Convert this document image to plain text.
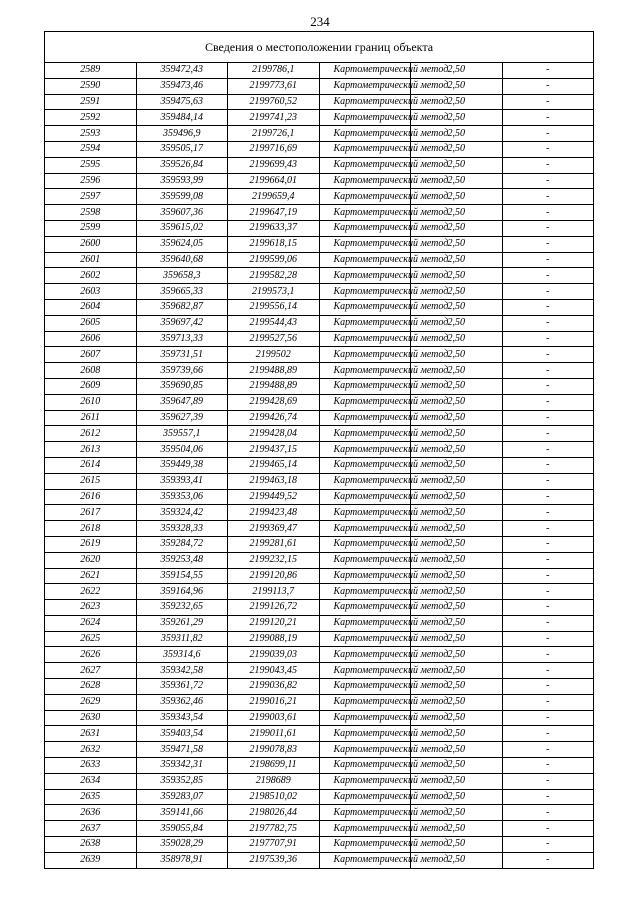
234
Сведения о местоположении границ объекта					
2589	359472,43	2199786,1	Картометрический метод	2,50	-
2590	359473,46	2199773,61	Картометрический метод	2,50	-
2591	359475,63	2199760,52	Картометрический метод	2,50	-
2592	359484,14	2199741,23	Картометрический метод	2,50	-
2593	359496,9	2199726,1	Картометрический метод	2,50	-
2594	359505,17	2199716,69	Картометрический метод	2,50	-
2595	359526,84	2199699,43	Картометрический метод	2,50	-
2596	359593,99	2199664,01	Картометрический метод	2,50	-
2597	359599,08	2199659,4	Картометрический метод	2,50	-
2598	359607,36	2199647,19	Картометрический метод	2,50	-
2599	359615,02	2199633,37	Картометрический метод	2,50	-
2600	359624,05	2199618,15	Картометрический метод	2,50	-
2601	359640,68	2199599,06	Картометрический метод	2,50	-
2602	359658,3	2199582,28	Картометрический метод	2,50	-
2603	359665,33	2199573,1	Картометрический метод	2,50	-
2604	359682,87	2199556,14	Картометрический метод	2,50	-
2605	359697,42	2199544,43	Картометрический метод	2,50	-
2606	359713,33	2199527,56	Картометрический метод	2,50	-
2607	359731,51	2199502	Картометрический метод	2,50	-
2608	359739,66	2199488,89	Картометрический метод	2,50	-
2609	359690,85	2199488,89	Картометрический метод	2,50	-
2610	359647,89	2199428,69	Картометрический метод	2,50	-
2611	359627,39	2199426,74	Картометрический метод	2,50	-
2612	359557,1	2199428,04	Картометрический метод	2,50	-
2613	359504,06	2199437,15	Картометрический метод	2,50	-
2614	359449,38	2199465,14	Картометрический метод	2,50	-
2615	359393,41	2199463,18	Картометрический метод	2,50	-
2616	359353,06	2199449,52	Картометрический метод	2,50	-
2617	359324,42	2199423,48	Картометрический метод	2,50	-
2618	359328,33	2199369,47	Картометрический метод	2,50	-
2619	359284,72	2199281,61	Картометрический метод	2,50	-
2620	359253,48	2199232,15	Картометрический метод	2,50	-
2621	359154,55	2199120,86	Картометрический метод	2,50	-
2622	359164,96	2199113,7	Картометрический метод	2,50	-
2623	359232,65	2199126,72	Картометрический метод	2,50	-
2624	359261,29	2199120,21	Картометрический метод	2,50	-
2625	359311,82	2199088,19	Картометрический метод	2,50	-
2626	359314,6	2199039,03	Картометрический метод	2,50	-
2627	359342,58	2199043,45	Картометрический метод	2,50	-
2628	359361,72	2199036,82	Картометрический метод	2,50	-
2629	359362,46	2199016,21	Картометрический метод	2,50	-
2630	359343,54	2199003,61	Картометрический метод	2,50	-
2631	359403,54	2199011,61	Картометрический метод	2,50	-
2632	359471,58	2199078,83	Картометрический метод	2,50	-
2633	359342,31	2198699,11	Картометрический метод	2,50	-
2634	359352,85	2198689	Картометрический метод	2,50	-
2635	359283,07	2198510,02	Картометрический метод	2,50	-
2636	359141,66	2198026,44	Картометрический метод	2,50	-
2637	359055,84	2197782,75	Картометрический метод	2,50	-
2638	359028,29	2197707,91	Картометрический метод	2,50	-
2639	358978,91	2197539,36	Картометрический метод	2,50	-
